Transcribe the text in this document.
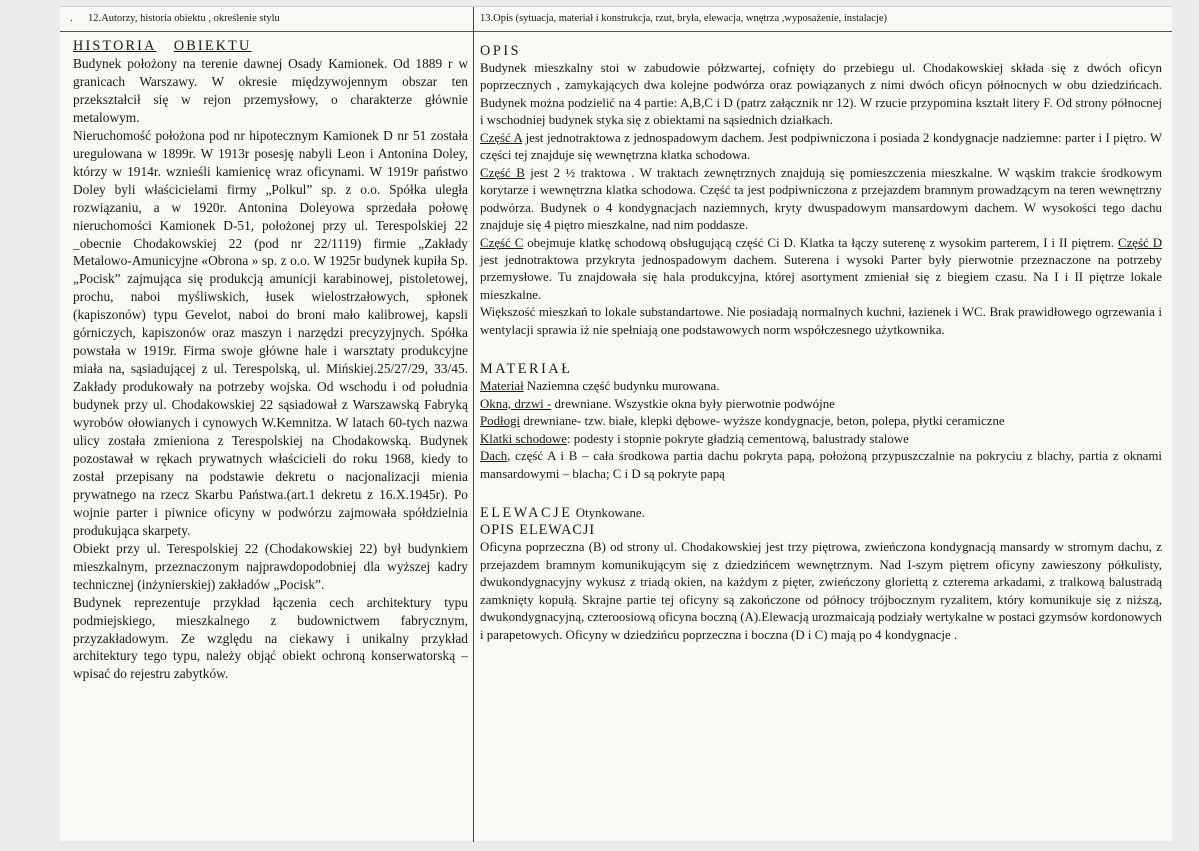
. 12.Autorzy, historia obiektu , określenie stylu	13.Opis (sytuacja, materiał i konstrukcja, rzut, bryła, elewacja, wnętrza ,wyposażenie, instalacje)

HISTORIA OBIEKTU

Budynek położony na terenie dawnej Osady Kamionek. Od 1889 r w granicach Warszawy. W okresie międzywojennym obszar ten przekształcił się w rejon przemysłowy, o charakterze głównie metalowym.

Nieruchomość położona pod nr hipotecznym Kamionek D nr 51 została uregulowana w 1899r. W 1913r posesję nabyli Leon i Antonina Doley, którzy w 1914r. wznieśli kamienicę wraz oficynami. W 1919r państwo Doley byli właścicielami firmy „Polkul” sp. z o.o. Spółka uległa rozwiązaniu, a w 1920r. Antonina Doleyowa sprzedała połowę nieruchomości Kamionek D-51, położonej przy ul. Terespolskiej 22 _obecnie Chodakowskiej 22 (pod nr 22/1119) firmie „Zakłady Metalowo-Amunicyjne «Obrona » sp. z o.o. W 1925r budynek kupiła Sp. „Pocisk” zajmująca się produkcją amunicji karabinowej, pistoletowej, prochu, naboi myśliwskich, łusek wielostrzałowych, spłonek (kapiszonów) typu Gevelot, naboi do broni mało kalibrowej, kapsli górniczych, kapiszonów oraz maszyn i narzędzi precyzyjnych. Spółka powstała w 1919r. Firma swoje główne hale i warsztaty produkcyjne miała na, sąsiadującej z ul. Terespolską, ul. Mińskiej.25/27/29, 33/45. Zakłady produkowały na potrzeby wojska. Od wschodu i od południa budynek przy ul. Chodakowskiej 22 sąsiadował z Warszawską Fabryką wyrobów ołowianych i cynowych W.Kemnitza. W latach 60-tych nazwa ulicy została zmieniona z Terespolskiej na Chodakowską. Budynek pozostawał w rękach prywatnych właścicieli do roku 1968, kiedy to został przepisany na podstawie dekretu o nacjonalizacji mienia prywatnego na rzecz Skarbu Państwa.(art.1 dekretu z 16.X.1945r). Po wojnie parter i piwnice oficyny w podwórzu zajmowała spółdzielnia produkująca skarpety.

Obiekt przy ul. Terespolskiej 22 (Chodakowskiej 22) był budynkiem mieszkalnym, przeznaczonym najprawdopodobniej dla wyższej kadry technicznej (inżynierskiej) zakładów „Pocisk”.

Budynek reprezentuje przykład łączenia cech architektury typu podmiejskiego, mieszkalnego z budownictwem fabrycznym, przyzakładowym. Ze względu na ciekawy i unikalny przykład architektury tego typu, należy objąć obiekt ochroną konserwatorską – wpisać do rejestru zabytków.

OPIS

Budynek mieszkalny stoi w zabudowie półzwartej, cofnięty do przebiegu ul. Chodakowskiej składa się z dwóch oficyn poprzecznych , zamykających dwa kolejne podwórza oraz powiązanych z nimi dwóch oficyn północnych w obu dziedzińcach. Budynek można podzielić na 4 partie: A,B,C i D (patrz załącznik nr 12). W rzucie przypomina kształt litery F. Od strony północnej i wschodniej budynek styka się z obiektami na sąsiednich działkach.

Część A jest jednotraktowa z jednospadowym dachem. Jest podpiwniczona i posiada 2 kondygnacje nadziemne: parter i I piętro. W części tej znajduje się wewnętrzna klatka schodowa.

Część B jest 2 ½ traktowa . W traktach zewnętrznych znajdują się pomieszczenia mieszkalne. W wąskim trakcie środkowym korytarze i wewnętrzna klatka schodowa. Część ta jest podpiwniczona z przejazdem bramnym prowadzącym na teren wewnętrzny podwórza. Budynek o 4 kondygnacjach naziemnych, kryty dwuspadowym mansardowym dachem. W wysokości tego dachu znajduje się 4 piętro mieszkalne, nad nim poddasze.

Część C obejmuje klatkę schodową obsługującą część Ci D. Klatka ta łączy suterenę z wysokim parterem, I i II piętrem. Część D jest jednotraktowa przykryta jednospadowym dachem. Suterena i wysoki Parter były pierwotnie przeznaczone na potrzeby przemysłowe. Tu znajdowała się hala produkcyjna, której asortyment zmieniał się z biegiem czasu. Na I i II piętrze lokale mieszkalne.

Większość mieszkań to lokale substandartowe. Nie posiadają normalnych kuchni, łazienek i WC. Brak prawidłowego ogrzewania i wentylacji sprawia iż nie spełniają one podstawowych norm współczesnego użytkownika.

MATERIAŁ

Materiał Naziemna część budynku murowana.

Okna, drzwi - drewniane. Wszystkie okna były pierwotnie podwójne

Podłogi drewniane- tzw. białe, klepki dębowe- wyższe kondygnacje, beton, polepa, płytki ceramiczne

Klatki schodowe: podesty i stopnie pokryte gładzią cementową, balustrady stalowe

Dach, część A i B – cała środkowa partia dachu pokryta papą, położoną przypuszczalnie na pokryciu z blachy, partia z oknami mansardowymi – blacha; C i D są pokryte papą

ELEWACJE Otynkowane.

OPIS ELEWACJI

Oficyna poprzeczna (B) od strony ul. Chodakowskiej jest trzy piętrowa, zwieńczona kondygnacją mansardy w stromym dachu, z przejazdem bramnym komunikującym się z dziedzińcem wewnętrznym. Nad I-szym piętrem oficyny zawieszony półkulisty, dwukondygnacyjny wykusz z triadą okien, na każdym z pięter, zwieńczony gloriettą z czterema arkadami, z tralkową balustradą zamknięty kopułą. Skrajne partie tej oficyny są zakończone od północy trójbocznym ryzalitem, który komunikuje się z niższą, dwukondygnacyjną, czteroosiową oficyna boczną (A).Elewacją urozmaicają podziały wertykalne w postaci gzymsów kordonowych i parapetowych. Oficyny w dziedzińcu poprzeczna i boczna (D i C) mają po 4 kondygnacje .
